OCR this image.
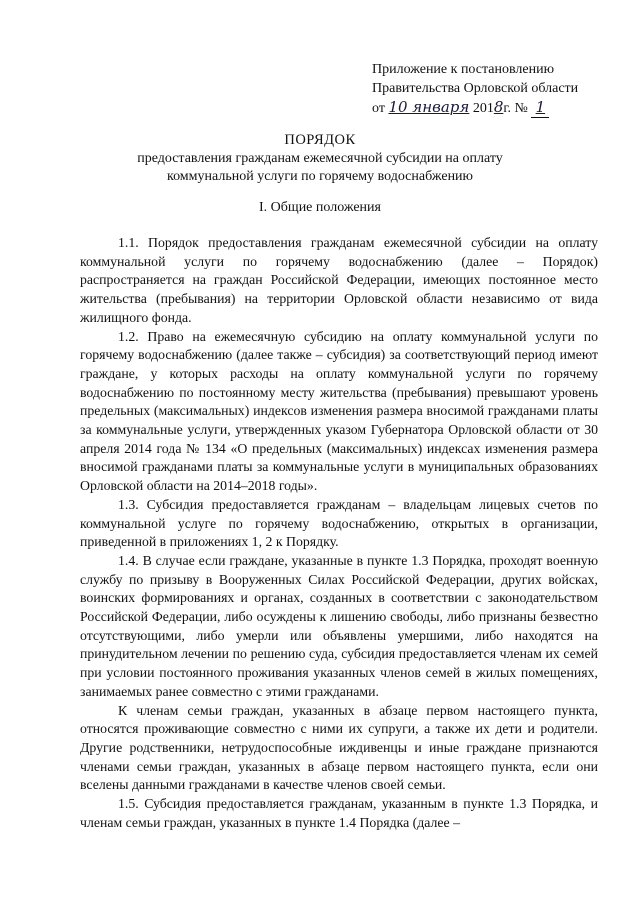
Приложение к постановлению
Правительства Орловской области
от 10 января 2018г. № 1
ПОРЯДОК
предоставления гражданам ежемесячной субсидии на оплату
коммунальной услуги по горячему водоснабжению
I. Общие положения

1.1. Порядок предоставления гражданам ежемесячной субсидии на оплату коммунальной услуги по горячему водоснабжению (далее – Порядок) распространяется на граждан Российской Федерации, имеющих постоянное место жительства (пребывания) на территории Орловской области независимо от вида жилищного фонда.

1.2. Право на ежемесячную субсидию на оплату коммунальной услуги по горячему водоснабжению (далее также – субсидия) за соответствующий период имеют граждане, у которых расходы на оплату коммунальной услуги по горячему водоснабжению по постоянному месту жительства (пребывания) превышают уровень предельных (максимальных) индексов изменения размера вносимой гражданами платы за коммунальные услуги, утвержденных указом Губернатора Орловской области от 30 апреля 2014 года № 134 «О предельных (максимальных) индексах изменения размера вносимой гражданами платы за коммунальные услуги в муниципальных образованиях Орловской области на 2014–2018 годы».

1.3. Субсидия предоставляется гражданам – владельцам лицевых счетов по коммунальной услуге по горячему водоснабжению, открытых в организации, приведенной в приложениях 1, 2 к Порядку.

1.4. В случае если граждане, указанные в пункте 1.3 Порядка, проходят военную службу по призыву в Вооруженных Силах Российской Федерации, других войсках, воинских формированиях и органах, созданных в соответствии с законодательством Российской Федерации, либо осуждены к лишению свободы, либо признаны безвестно отсутствующими, либо умерли или объявлены умершими, либо находятся на принудительном лечении по решению суда, субсидия предоставляется членам их семей при условии постоянного проживания указанных членов семей в жилых помещениях, занимаемых ранее совместно с этими гражданами.

К членам семьи граждан, указанных в абзаце первом настоящего пункта, относятся проживающие совместно с ними их супруги, а также их дети и родители. Другие родственники, нетрудоспособные иждивенцы и иные граждане признаются членами семьи граждан, указанных в абзаце первом настоящего пункта, если они вселены данными гражданами в качестве членов своей семьи.

1.5. Субсидия предоставляется гражданам, указанным в пункте 1.3 Порядка, и членам семьи граждан, указанных в пункте 1.4 Порядка (далее –
